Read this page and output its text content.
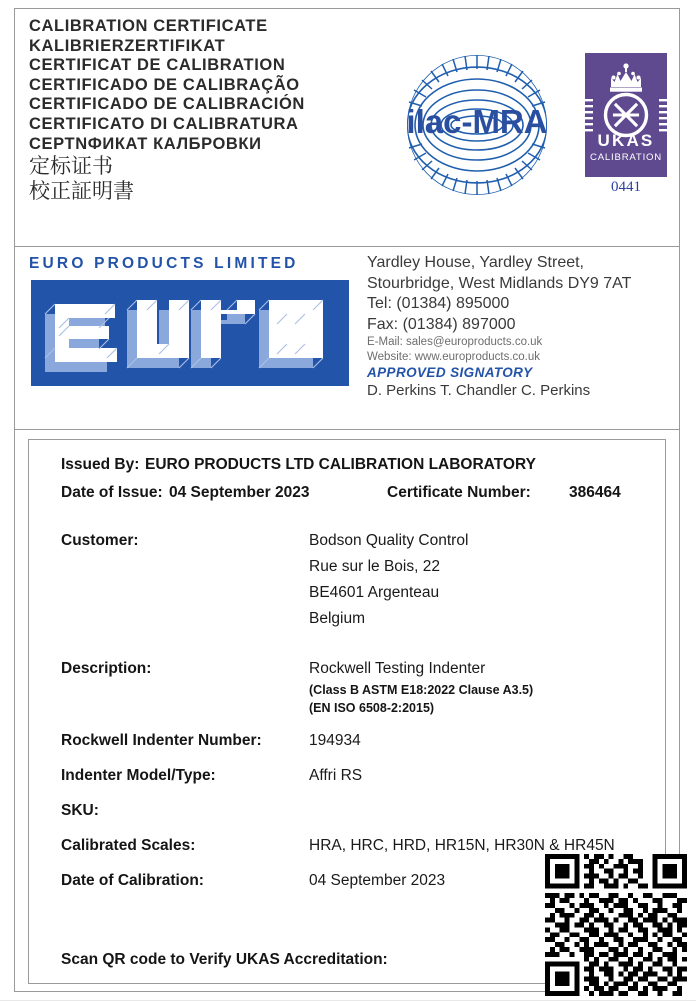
CALIBRATION CERTIFICATE
KALIBRIERZERTIFIKAT
CERTIFICAT DE CALIBRATION
CERTIFICADO DE CALIBRAÇÃO
CERTIFICADO DE CALIBRACIÓN
CERTIFICATO DI CALIBRATURA
СЕРТNФИКАТ КАЛБРОВКИ
定标证书
校正証明書
ilac-MRA
UKAS
CALIBRATION
0441
EURO PRODUCTS LIMITED	Yardley House, Yardley Street,
Stourbridge, West Midlands DY9 7AT
Tel: (01384) 895000
Fax: (01384) 897000
E-Mail: sales@europroducts.co.uk
Website: www.europroducts.co.uk
APPROVED SIGNATORY
D. Perkins T. Chandler C. Perkins
Issued By: EURO PRODUCTS LTD CALIBRATION LABORATORY
Date of Issue: 04 September 2023	Certificate Number: 386464
Customer:	Bodson Quality Control
Rue sur le Bois, 22
BE4601 Argenteau
Belgium
Description:	Rockwell Testing Indenter
(Class B ASTM E18:2022 Clause A3.5)
(EN ISO 6508-2:2015)
Rockwell Indenter Number:	194934
Indenter Model/Type:	Affri RS
SKU:
Calibrated Scales:	HRA, HRC, HRD, HR15N, HR30N & HR45N
Date of Calibration:	04 September 2023
Scan QR code to Verify UKAS Accreditation:
